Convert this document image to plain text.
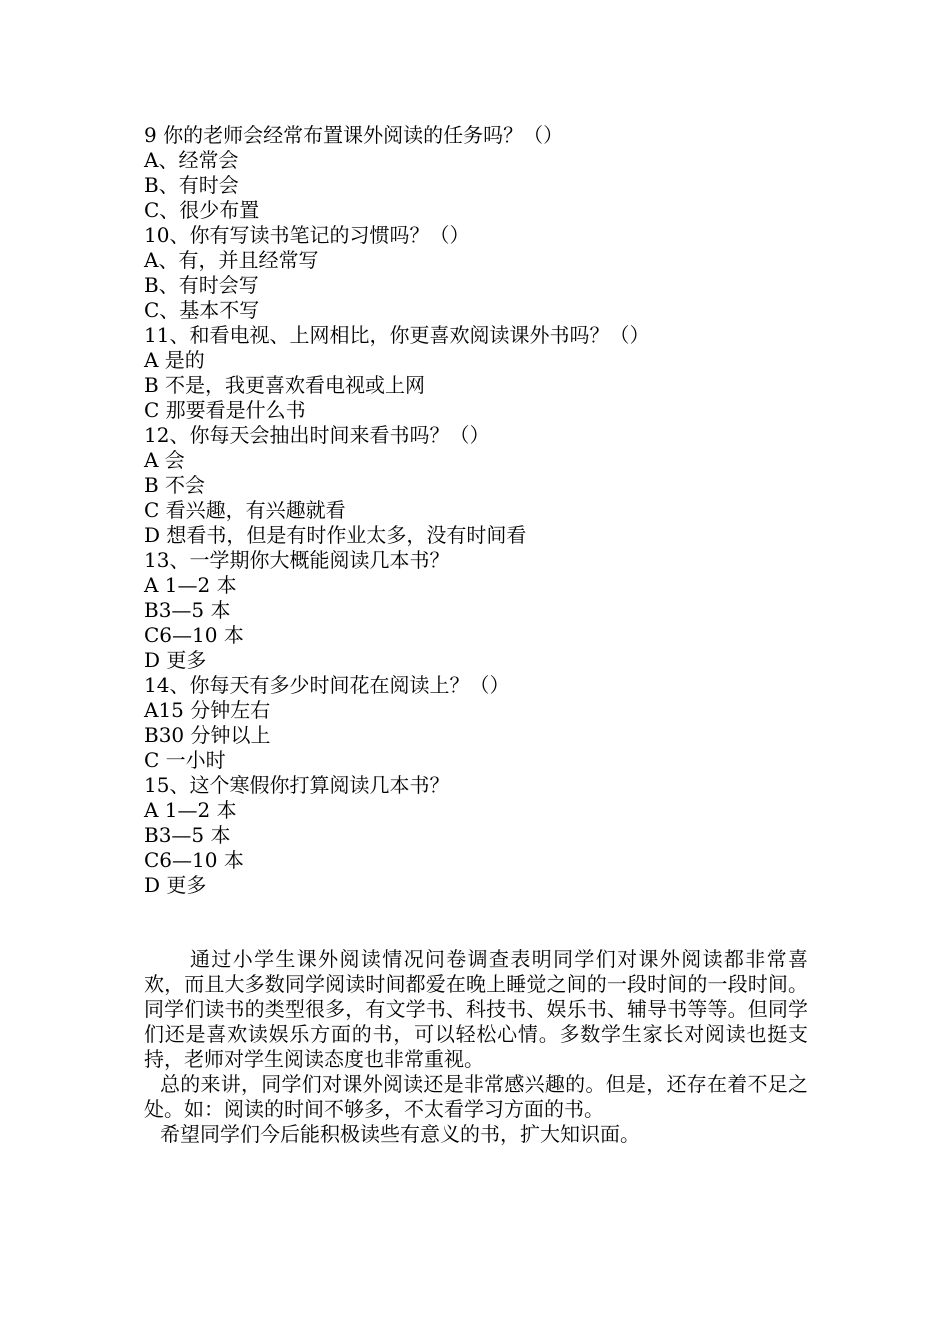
9 你的老师会经常布置课外阅读的任务吗？（）
A、经常会
B、有时会
C、很少布置
10、你有写读书笔记的习惯吗？（）
A、有，并且经常写
B、有时会写
C、基本不写
11、和看电视、上网相比，你更喜欢阅读课外书吗？（）
A 是的
B 不是，我更喜欢看电视或上网
C 那要看是什么书
12、你每天会抽出时间来看书吗？（）
A 会
B 不会
C 看兴趣，有兴趣就看
D 想看书，但是有时作业太多，没有时间看
13、一学期你大概能阅读几本书？
A 1—2 本
B3—5 本
C6—10 本
D 更多
14、你每天有多少时间花在阅读上？（）
A15 分钟左右
B30 分钟以上
C 一小时
15、这个寒假你打算阅读几本书？
A 1—2 本
B3—5 本
C6—10 本
D 更多
通过小学生课外阅读情况问卷调查表明同学们对课外阅读都非常喜欢，而且大多数同学阅读时间都爱在晚上睡觉之间的一段时间的一段时间。同学们读书的类型很多，有文学书、科技书、娱乐书、辅导书等等。但同学们还是喜欢读娱乐方面的书，可以轻松心情。多数学生家长对阅读也挺支持，老师对学生阅读态度也非常重视。
总的来讲，同学们对课外阅读还是非常感兴趣的。但是，还存在着不足之处。如：阅读的时间不够多，不太看学习方面的书。
希望同学们今后能积极读些有意义的书，扩大知识面。
